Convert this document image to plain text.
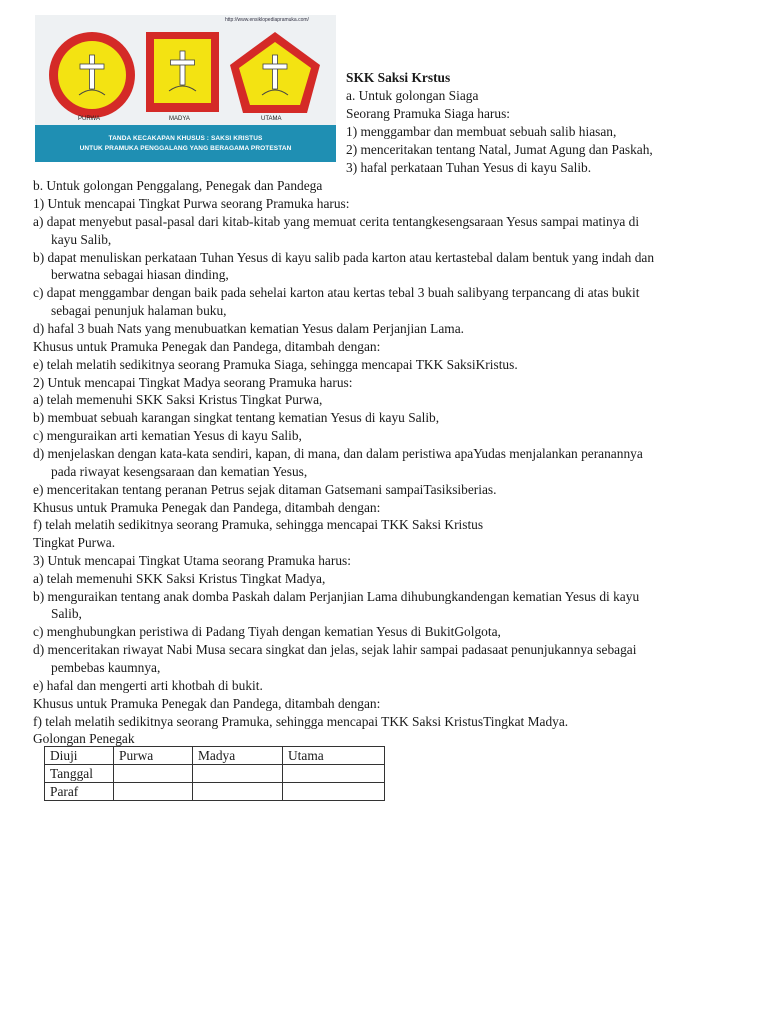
http://www.ensiklopediapramuka.com/
PURWA	MADYA	UTAMA
TANDA KECAKAPAN KHUSUS : SAKSI KRISTUS
UNTUK PRAMUKA PENGGALANG YANG BERAGAMA PROTESTAN
SKK Saksi Krstus
a. Untuk golongan Siaga
Seorang Pramuka Siaga harus:
1) menggambar dan membuat sebuah salib hiasan,
2) menceritakan tentang Natal, Jumat Agung dan Paskah,
3) hafal perkataan Tuhan Yesus di kayu Salib.
b. Untuk golongan Penggalang, Penegak dan Pandega
1) Untuk mencapai Tingkat Purwa seorang Pramuka harus:
a) dapat menyebut pasal-pasal dari kitab-kitab yang memuat cerita tentangkesengsaraan Yesus sampai matinya di
kayu Salib,
b) dapat menuliskan perkataan Tuhan Yesus di kayu salib pada karton atau kertastebal dalam bentuk yang indah dan
berwatna sebagai hiasan dinding,
c) dapat menggambar dengan baik pada sehelai karton atau kertas tebal 3 buah salibyang terpancang di atas bukit
sebagai penunjuk halaman buku,
d) hafal 3 buah Nats yang menubuatkan kematian Yesus dalam Perjanjian Lama.
Khusus untuk Pramuka Penegak dan Pandega, ditambah dengan:
e) telah melatih sedikitnya seorang Pramuka Siaga, sehingga mencapai TKK SaksiKristus.
2) Untuk mencapai Tingkat Madya seorang Pramuka harus:
a) telah memenuhi SKK Saksi Kristus Tingkat Purwa,
b) membuat sebuah karangan singkat tentang kematian Yesus di kayu Salib,
c) menguraikan arti kematian Yesus di kayu Salib,
d) menjelaskan dengan kata-kata sendiri, kapan, di mana, dan dalam peristiwa apaYudas menjalankan peranannya
pada riwayat kesengsaraan dan kematian Yesus,
e) menceritakan tentang peranan Petrus sejak ditaman Gatsemani sampaiTasiksiberias.
Khusus untuk Pramuka Penegak dan Pandega, ditambah dengan:
f) telah melatih sedikitnya seorang Pramuka, sehingga mencapai TKK Saksi Kristus
Tingkat Purwa.
3) Untuk mencapai Tingkat Utama seorang Pramuka harus:
a) telah memenuhi SKK Saksi Kristus Tingkat Madya,
b) menguraikan tentang anak domba Paskah dalam Perjanjian Lama dihubungkandengan kematian Yesus di kayu
Salib,
c) menghubungkan peristiwa di Padang Tiyah dengan kematian Yesus di BukitGolgota,
d) menceritakan riwayat Nabi Musa secara singkat dan jelas, sejak lahir sampai padasaat penunjukannya sebagai
pembebas kaumnya,
e) hafal dan mengerti arti khotbah di bukit.
Khusus untuk Pramuka Penegak dan Pandega, ditambah dengan:
f) telah melatih sedikitnya seorang Pramuka, sehingga mencapai TKK Saksi KristusTingkat Madya.
Golongan Penegak
Diuji	Purwa	Madya	Utama
Tanggal			
Paraf			
